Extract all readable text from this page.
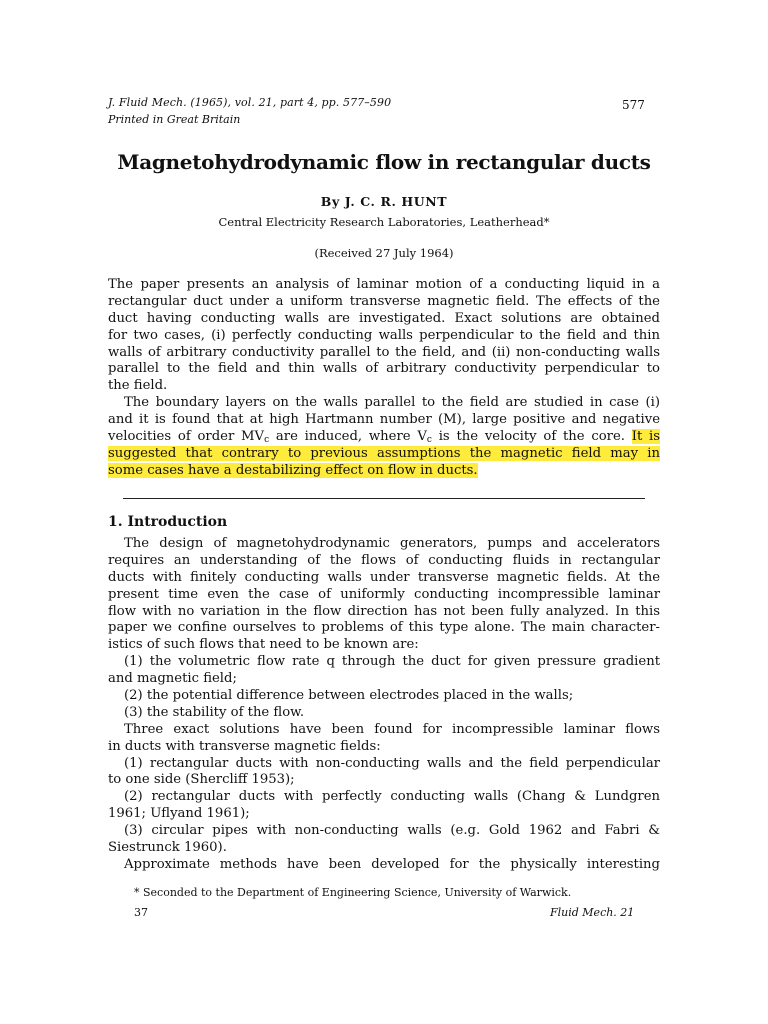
J. Fluid Mech. (1965), vol. 21, part 4, pp. 577–590
Printed in Great Britain
577
Magnetohydrodynamic flow in rectangular ducts
By J. C. R. HUNT
Central Electricity Research Laboratories, Leatherhead*
(Received 27 July 1964)
The paper presents an analysis of laminar motion of a conducting liquid in a
rectangular duct under a uniform transverse magnetic field. The effects of the
duct having conducting walls are investigated. Exact solutions are obtained
for two cases, (i) perfectly conducting walls perpendicular to the field and thin
walls of arbitrary conductivity parallel to the field, and (ii) non-conducting walls
parallel to the field and thin walls of arbitrary conductivity perpendicular to
the field.
The boundary layers on the walls parallel to the field are studied in case (i)
and it is found that at high Hartmann number (M), large positive and negative
velocities of order $MV_c$ are induced, where $V_c$ is the velocity of the core. It is
suggested that contrary to previous assumptions the magnetic field may in
some cases have a destabilizing effect on flow in ducts.
1. Introduction
The design of magnetohydrodynamic generators, pumps and accelerators
requires an understanding of the flows of conducting fluids in rectangular
ducts with finitely conducting walls under transverse magnetic fields. At the
present time even the case of uniformly conducting incompressible laminar
flow with no variation in the flow direction has not been fully analyzed. In this
paper we confine ourselves to problems of this type alone. The main character-
istics of such flows that need to be known are:
(1) the volumetric flow rate q through the duct for given pressure gradient
and magnetic field;
(2) the potential difference between electrodes placed in the walls;
(3) the stability of the flow.
Three exact solutions have been found for incompressible laminar flows
in ducts with transverse magnetic fields:
(1) rectangular ducts with non-conducting walls and the field perpendicular
to one side (Shercliff 1953);
(2) rectangular ducts with perfectly conducting walls (Chang & Lundgren
1961; Uflyand 1961);
(3) circular pipes with non-conducting walls (e.g. Gold 1962 and Fabri &
Siestrunck 1960).
Approximate methods have been developed for the physically interesting
* Seconded to the Department of Engineering Science, University of Warwick.
37	Fluid Mech. 21
